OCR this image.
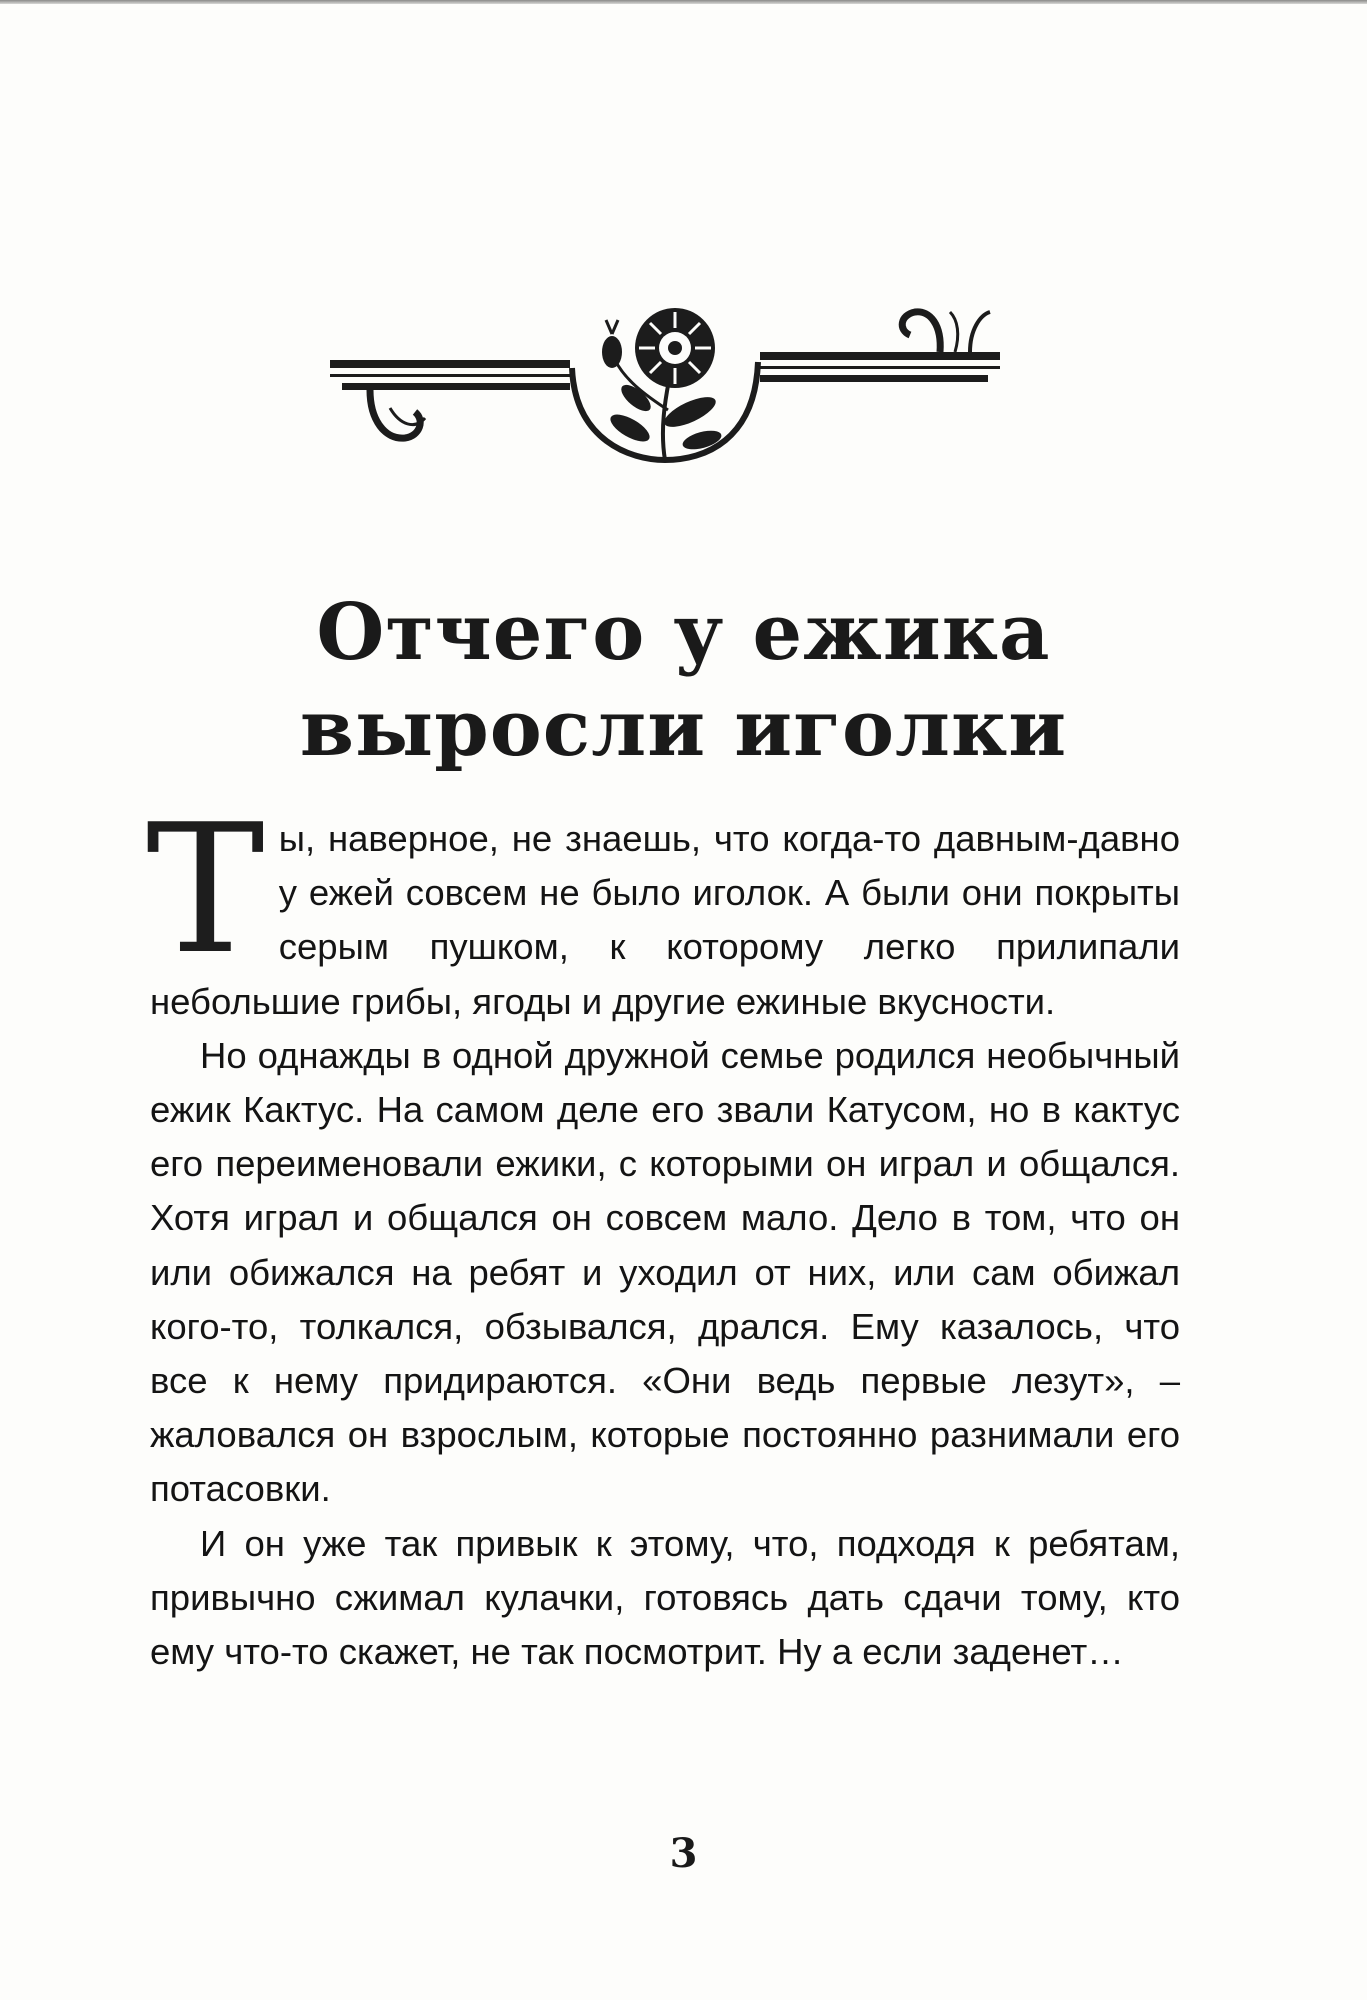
Отчего у ежика
выросли иголки

Ты, наверное, не знаешь, что когда-то давным-давно у ежей совсем не было иголок. А были они покрыты серым пушком, к которому легко прилипали небольшие грибы, ягоды и другие ежиные вкусности.

Но однажды в одной дружной семье родился необычный ежик Кактус. На самом деле его звали Катусом, но в кактус его переименовали ежики, с которыми он играл и общался. Хотя играл и общался он совсем мало. Дело в том, что он или обижался на ребят и уходил от них, или сам обижал кого-то, толкался, обзывался, дрался. Ему казалось, что все к нему придираются. «Они ведь первые лезут», – жаловался он взрослым, которые постоянно разнимали его потасовки.

И он уже так привык к этому, что, подходя к ребятам, привычно сжимал кулачки, готовясь дать сдачи тому, кто ему что-то скажет, не так посмотрит. Ну а если заденет…

3
